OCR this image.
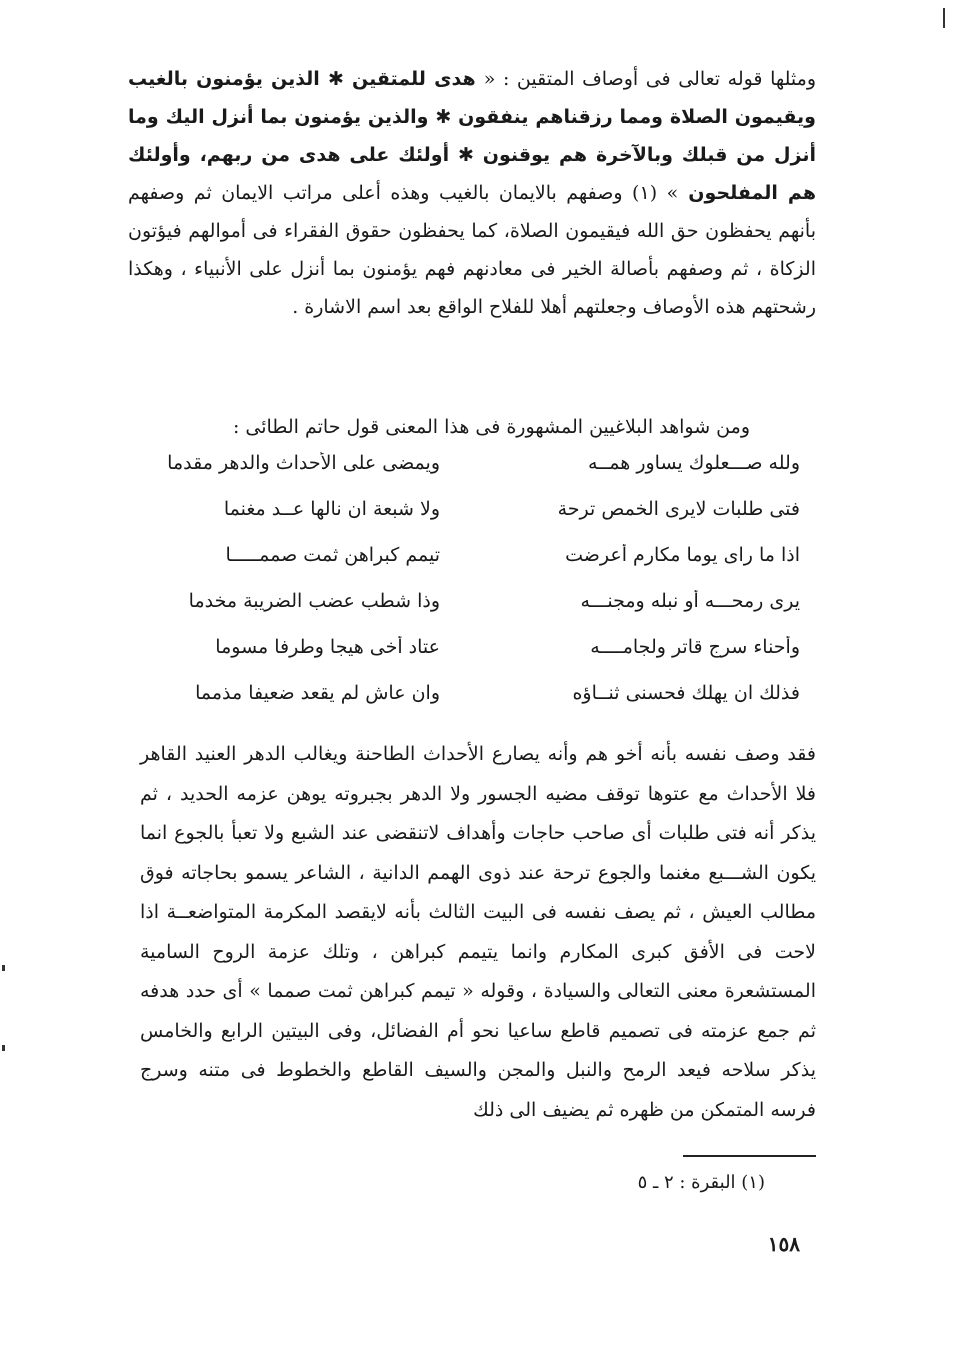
ومثلها قوله تعالى فى أوصاف المتقين : « هدى للمتقين ✱ الذين يؤمنون بالغيب ويقيمون الصلاة ومما رزقناهم ينفقون ✱ والذين يؤمنون بما أنزل اليك وما أنزل من قبلك وبالآخرة هم يوقنون ✱ أولئك على هدى من ربهم، وأولئك هم المفلحون » (١) وصفهم بالايمان بالغيب وهذه أعلى مراتب الايمان ثم وصفهم بأنهم يحفظون حق الله فيقيمون الصلاة، كما يحفظون حقوق الفقراء فى أموالهم فيؤتون الزكاة ، ثم وصفهم بأصالة الخير فى معادنهم فهم يؤمنون بما أنزل على الأنبياء ، وهكذا رشحتهم هذه الأوصاف وجعلتهم أهلا للفلاح الواقع بعد اسم الاشارة .

ومن شواهد البلاغيين المشهورة فى هذا المعنى قول حاتم الطائى :

ولله صـــعلوك يساور همــه
ويمضى على الأحداث والدهر مقدما
فتى طلبات لايرى الخمص ترحة
ولا شبعة ان نالها عــد مغنما
اذا ما راى يوما مكارم أعرضت
تيمم كبراهن ثمت صممـــــا
يرى رمحـــه أو نبله ومجنـــه
وذا شطب عضب الضريبة مخدما
وأحناء سرج قاتر ولجامــــه
عتاد أخى هيجا وطرفا مسوما
فذلك ان يهلك فحسنى ثنــاؤه
وان عاش لم يقعد ضعيفا مذمما

فقد وصف نفسه بأنه أخو هم وأنه يصارع الأحداث الطاحنة ويغالب الدهر العنيد القاهر فلا الأحداث مع عتوها توقف مضيه الجسور ولا الدهر بجبروته يوهن عزمه الحديد ، ثم يذكر أنه فتى طلبات أى صاحب حاجات وأهداف لاتنقضى عند الشبع ولا تعبأ بالجوع انما يكون الشـــبع مغنما والجوع ترحة عند ذوى الهمم الدانية ، الشاعر يسمو بحاجاته فوق مطالب العيش ، ثم يصف نفسه فى البيت الثالث بأنه لايقصد المكرمة المتواضعــة اذا لاحت فى الأفق كبرى المكارم وانما يتيمم كبراهن ، وتلك عزمة الروح السامية المستشعرة معنى التعالى والسيادة ، وقوله « تيمم كبراهن ثمت صمما » أى حدد هدفه ثم جمع عزمته فى تصميم قاطع ساعيا نحو أم الفضائل، وفى البيتين الرابع والخامس يذكر سلاحه فيعد الرمح والنبل والمجن والسيف القاطع والخطوط فى متنه وسرج فرسه المتمكن من ظهره ثم يضيف الى ذلك

(١) البقرة : ٢ ـ ٥
١٥٨
